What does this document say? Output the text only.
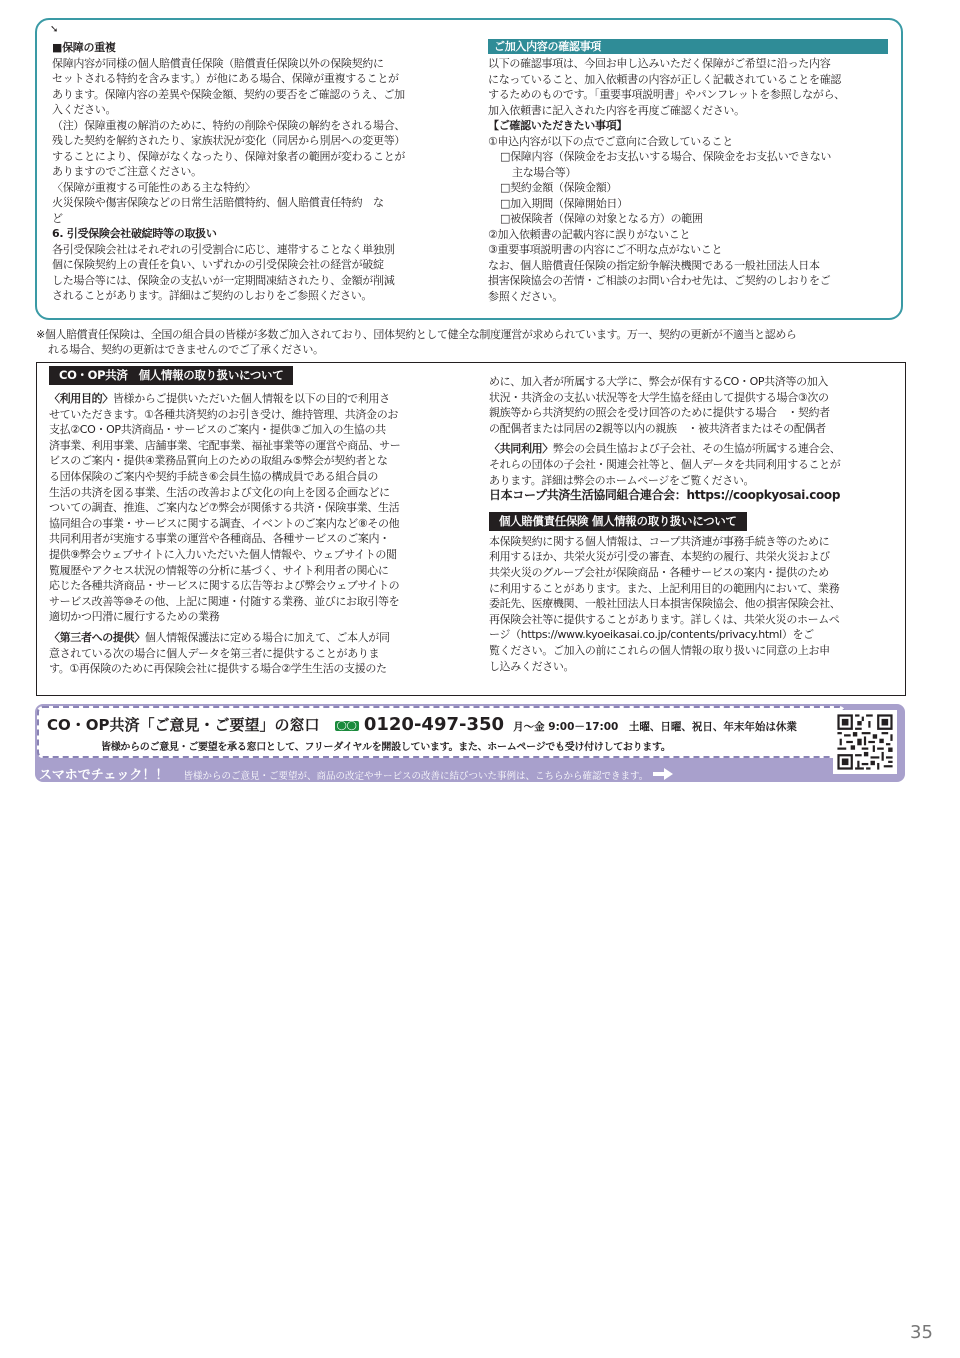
➘

■保障の重複

保障内容が同様の個人賠償責任保険（賠償責任保険以外の保険契約に

セットされる特約を含みます。）が他にある場合、保障が重複することが

あります。保障内容の差異や保険金額、契約の要否をご確認のうえ、ご加

入ください。

（注）保障重複の解消のために、特約の削除や保険の解約をされる場合、

残した契約を解約されたり、家族状況が変化（同居から別居への変更等）

することにより、保障がなくなったり、保障対象者の範囲が変わることが

ありますのでご注意ください。

〈保障が重複する可能性のある主な特約〉

火災保険や傷害保険などの日常生活賠償特約、個人賠償責任特約　な

ど

6. 引受保険会社破綻時等の取扱い

各引受保険会社はそれぞれの引受割合に応じ、連帯することなく単独別

個に保険契約上の責任を負い、いずれかの引受保険会社の経営が破綻

した場合等には、保険金の支払いが一定期間凍結されたり、金額が削減

されることがあります。詳細はご契約のしおりをご参照ください。

ご加入内容の確認事項

以下の確認事項は、今回お申し込みいただく保障がご希望に沿った内容

になっていること、加入依頼書の内容が正しく記載されていることを確認

するためのものです。「重要事項説明書」やパンフレットを参照しながら、

加入依頼書に記入された内容を再度ご確認ください。

【ご確認いただきたい事項】

①申込内容が以下の点でご意向に合致していること

□保障内容（保険金をお支払いする場合、保険金をお支払いできない

主な場合等）

□契約金額（保険金額）

□加入期間（保障開始日）

□被保険者（保障の対象となる方）の範囲

②加入依頼書の記載内容に誤りがないこと

③重要事項説明書の内容にご不明な点がないこと

なお、個人賠償責任保険の指定紛争解決機関である一般社団法人日本

損害保険協会の苦情・ご相談のお問い合わせ先は、ご契約のしおりをご

参照ください。

※個人賠償責任保険は、全国の組合員の皆様が多数ご加入されており、団体契約として健全な制度運営が求められています。万一、契約の更新が不適当と認めら
れる場合、契約の更新はできませんのでご了承ください。
CO・OP共済　個人情報の取り扱いについて

〈利用目的〉皆様からご提供いただいた個人情報を以下の目的で利用さ
せていただきます。①各種共済契約のお引き受け、維持管理、共済金のお
支払②CO・OP共済商品・サービスのご案内・提供③ご加入の生協の共
済事業、利用事業、店舗事業、宅配事業、福祉事業等の運営や商品、サー
ビスのご案内・提供④業務品質向上のための取組み⑤弊会が契約者とな
る団体保険のご案内や契約手続き⑥会員生協の構成員である組合員の
生活の共済を図る事業、生活の改善および文化の向上を図る企画などに
ついての調査、推進、ご案内など⑦弊会が関係する共済・保険事業、生活
協同組合の事業・サービスに関する調査、イベントのご案内など⑧その他
共同利用者が実施する事業の運営や各種商品、各種サービスのご案内・
提供⑨弊会ウェブサイトに入力いただいた個人情報や、ウェブサイトの閲
覧履歴やアクセス状況の情報等の分析に基づく、サイト利用者の関心に
応じた各種共済商品・サービスに関する広告等および弊会ウェブサイトの
サービス改善等⑩その他、上記に関連・付随する業務、並びにお取引等を
適切かつ円滑に履行するための業務

〈第三者への提供〉個人情報保護法に定める場合に加えて、ご本人が同
意されている次の場合に個人データを第三者に提供することがありま
す。①再保険のために再保険会社に提供する場合②学生生活の支援のた

めに、加入者が所属する大学に、弊会が保有するCO・OP共済等の加入
状況・共済金の支払い状況等を大学生協を経由して提供する場合③次の
親族等から共済契約の照会を受け回答のために提供する場合　・契約者
の配偶者または同居の2親等以内の親族　・被共済者またはその配偶者

〈共同利用〉弊会の会員生協および子会社、その生協が所属する連合会、
それらの団体の子会社・関連会社等と、個人データを共同利用することが
あります。詳細は弊会のホームページをご覧ください。
日本コープ共済生活協同組合連合会：https://coopkyosai.coop

個人賠償責任保険 個人情報の取り扱いについて

本保険契約に関する個人情報は、コープ共済連が事務手続き等のために
利用するほか、共栄火災が引受の審査、本契約の履行、共栄火災および
共栄火災のグループ会社が保険商品・各種サービスの案内・提供のため
に利用することがあります。また、上記利用目的の範囲内において、業務
委託先、医療機関、一般社団法人日本損害保険協会、他の損害保険会社、
再保険会社等に提供することがあります。詳しくは、共栄火災のホームペ
ージ（https://www.kyoeikasai.co.jp/contents/privacy.html）をご
覧ください。ご加入の前にこれらの個人情報の取り扱いに同意の上お申
し込みください。

CO・OP共済「ご意見・ご要望」の窓口 ◯◯ 0120-497-350 月～金 9:00－17:00　土曜、日曜、祝日、年末年始は休業
皆様からのご意見・ご要望を承る窓口として、フリーダイヤルを開設しています。また、ホームページでも受け付けしております。
スマホでチェック！！ 皆様からのご意見・ご要望が、商品の改定やサービスの改善に結びついた事例は、こちらから確認できます。
35
